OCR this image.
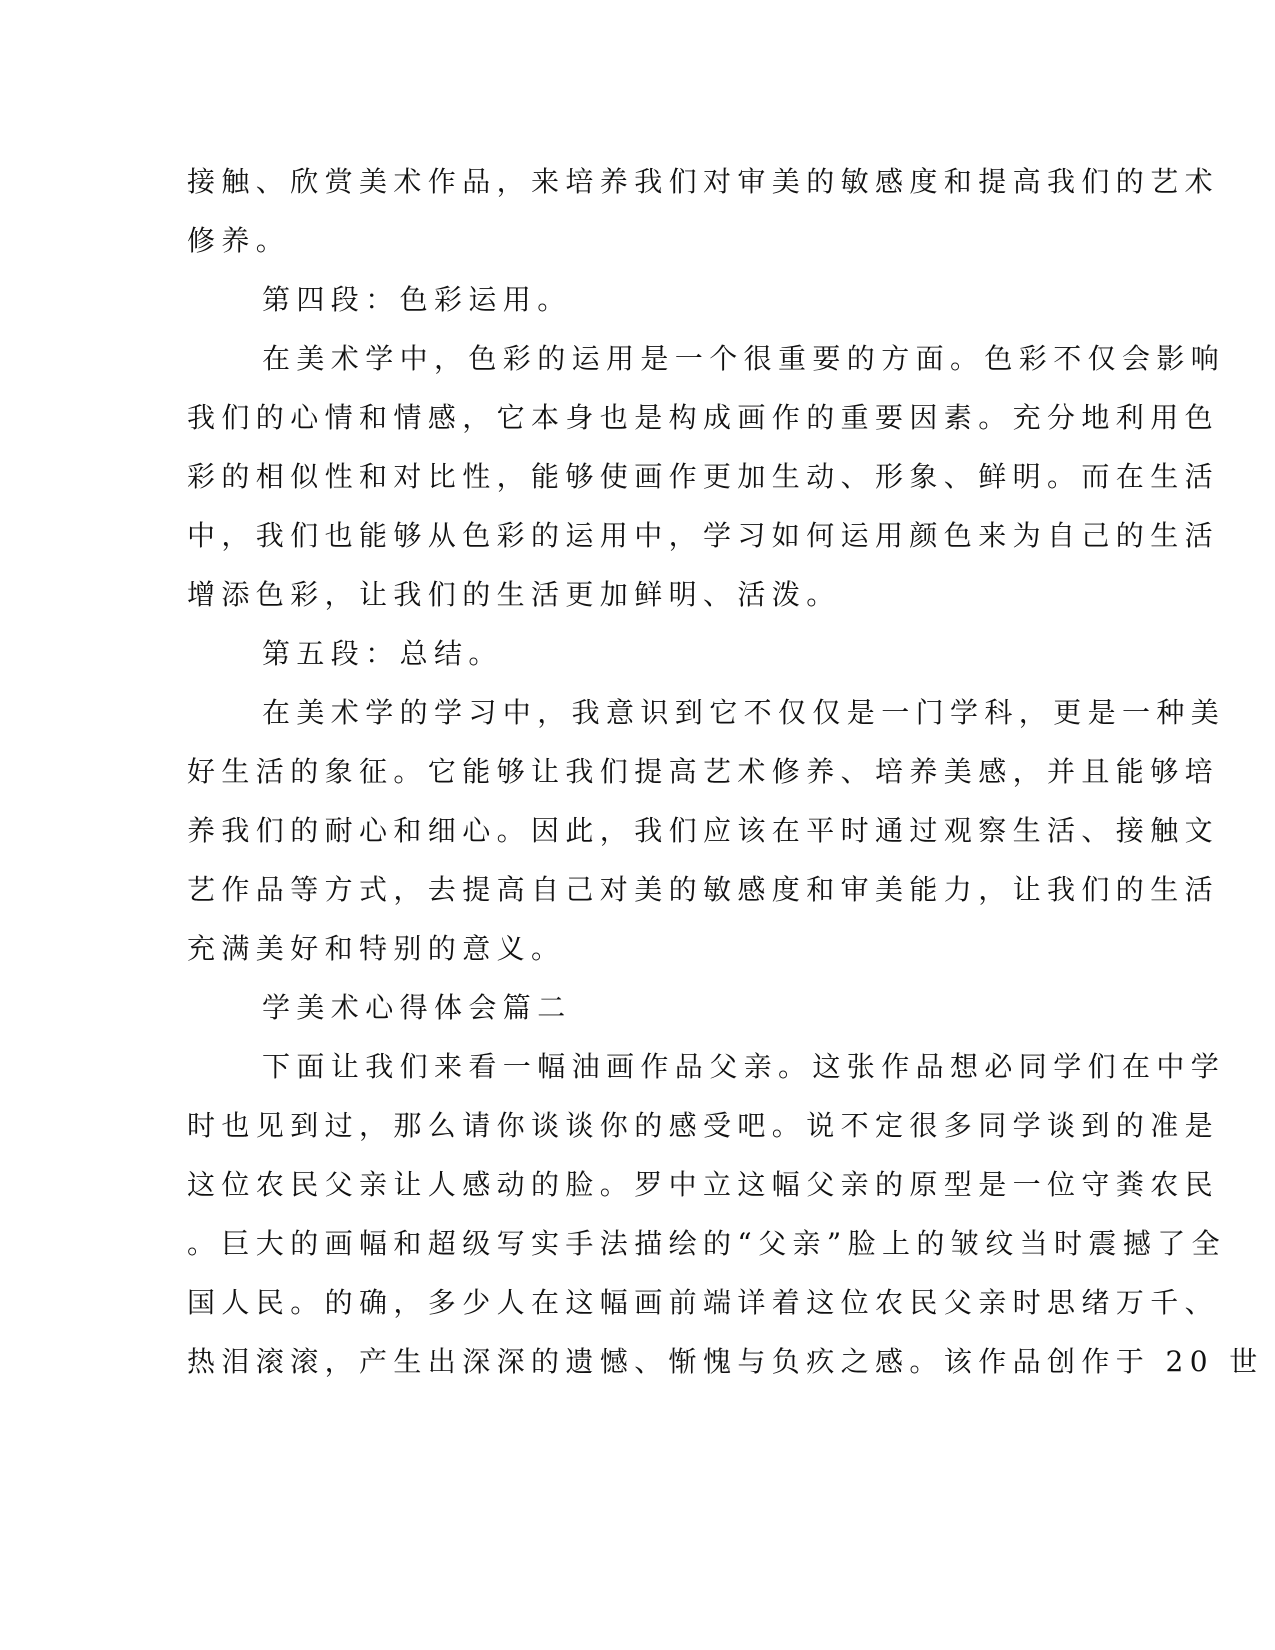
接触、欣赏美术作品，来培养我们对审美的敏感度和提高我们的艺术
修养。
第四段：色彩运用。
在美术学中，色彩的运用是一个很重要的方面。色彩不仅会影响
我们的心情和情感，它本身也是构成画作的重要因素。充分地利用色
彩的相似性和对比性，能够使画作更加生动、形象、鲜明。而在生活
中，我们也能够从色彩的运用中，学习如何运用颜色来为自己的生活
增添色彩，让我们的生活更加鲜明、活泼。
第五段：总结。
在美术学的学习中，我意识到它不仅仅是一门学科，更是一种美
好生活的象征。它能够让我们提高艺术修养、培养美感，并且能够培
养我们的耐心和细心。因此，我们应该在平时通过观察生活、接触文
艺作品等方式，去提高自己对美的敏感度和审美能力，让我们的生活
充满美好和特别的意义。
学美术心得体会篇二
下面让我们来看一幅油画作品父亲。这张作品想必同学们在中学
时也见到过，那么请你谈谈你的感受吧。说不定很多同学谈到的准是
这位农民父亲让人感动的脸。罗中立这幅父亲的原型是一位守粪农民
。巨大的画幅和超级写实手法描绘的“父亲”脸上的皱纹当时震撼了全
国人民。的确，多少人在这幅画前端详着这位农民父亲时思绪万千、
热泪滚滚，产生出深深的遗憾、惭愧与负疚之感。该作品创作于 20 世
